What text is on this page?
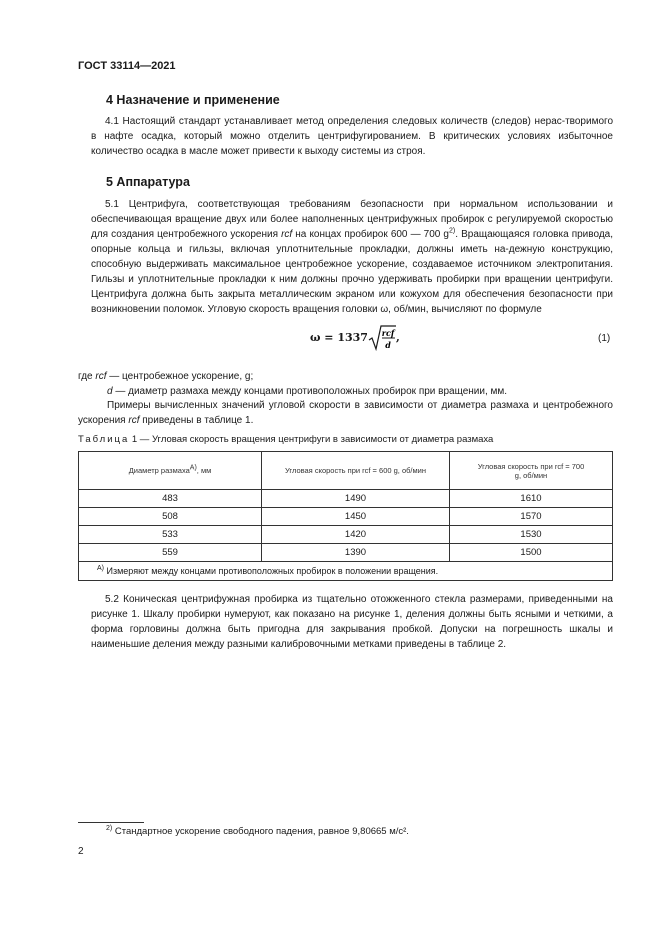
ГОСТ 33114—2021
4 Назначение и применение
4.1 Настоящий стандарт устанавливает метод определения следовых количеств (следов) нерас-творимого в нафте осадка, который можно отделить центрифугированием. В критических условиях избыточное количество осадка в масле может привести к выходу системы из строя.
5 Аппаратура
5.1 Центрифуга, соответствующая требованиям безопасности при нормальном использовании и обеспечивающая вращение двух или более наполненных центрифужных пробирок с регулируемой скоростью для создания центробежного ускорения rcf на концах пробирок 600 — 700 $g^{2)}$. Вращающаяся головка привода, опорные кольца и гильзы, включая уплотнительные прокладки, должны иметь на-дежную конструкцию, способную выдерживать максимальное центробежное ускорение, создаваемое источником электропитания. Гильзы и уплотнительные прокладки к ним должны прочно удерживать пробирки при вращении центрифуги. Центрифуга должна быть закрыта металлическим экраном или кожухом для обеспечения безопасности при возникновении поломок. Угловую скорость вращения головки ω, об/мин, вычисляют по формуле
ω = 1337 rcf
d
,	(1)
где rcf — центробежное ускорение, g;
d — диаметр размаха между концами противоположных пробирок при вращении, мм.
Примеры вычисленных значений угловой скорости в зависимости от диаметра размаха и центробежного ускорения rcf приведены в таблице 1.
Таблица 1 — Угловая скорость вращения центрифуги в зависимости от диаметра размаха
Диаметр размахаА), мм	Угловая скорость при rcf = 600 g, об/мин	Угловая скорость при rcf = 700 g, об/мин
483	1490	1610
508	1450	1570
533	1420	1530
559	1390	1500
$^{А)}$ Измеряют между концами противоположных пробирок в положении вращения.		
5.2 Коническая центрифужная пробирка из тщательно отожженного стекла размерами, приведенными на рисунке 1. Шкалу пробирки нумеруют, как показано на рисунке 1, деления должны быть ясными и четкими, а форма горловины должна быть пригодна для закрывания пробкой. Допуски на погрешность шкалы и наименьшие деления между разными калибровочными метками приведены в таблице 2.
$^{2)}$ Стандартное ускорение свободного падения, равное 9,80665 м/с².
2
